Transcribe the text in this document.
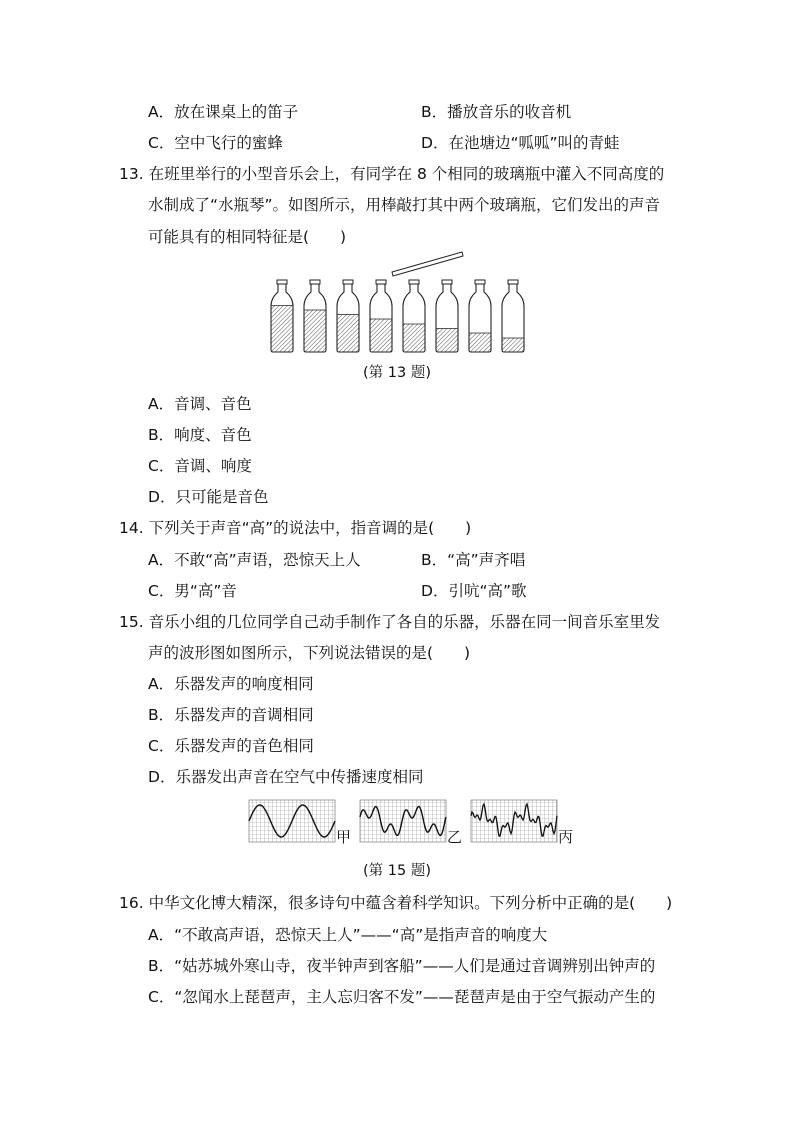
A．放在课桌上的笛子	B．播放音乐的收音机
C．空中飞行的蜜蜂	D．在池塘边“呱呱”叫的青蛙
13. 在班里举行的小型音乐会上，有同学在 8 个相同的玻璃瓶中灌入不同高度的
水制成了“水瓶琴”。如图所示，用棒敲打其中两个玻璃瓶，它们发出的声音
可能具有的相同特征是(　　)
(第 13 题)
A．音调、音色
B．响度、音色
C．音调、响度
D．只可能是音色
14. 下列关于声音“高”的说法中，指音调的是(　　)
A．不敢“高”声语，恐惊天上人	B．“高”声齐唱
C．男“高”音	D．引吭“高”歌
15. 音乐小组的几位同学自己动手制作了各自的乐器，乐器在同一间音乐室里发
声的波形图如图所示，下列说法错误的是(　　)
A．乐器发声的响度相同
B．乐器发声的音调相同
C．乐器发声的音色相同
D．乐器发出声音在空气中传播速度相同
甲	乙	丙
(第 15 题)
16. 中华文化博大精深，很多诗句中蕴含着科学知识。下列分析中正确的是(　　)
A．“不敢高声语，恐惊天上人”——“高”是指声音的响度大
B．“姑苏城外寒山寺，夜半钟声到客船”——人们是通过音调辨别出钟声的
C．“忽闻水上琵琶声，主人忘归客不发”——琵琶声是由于空气振动产生的
